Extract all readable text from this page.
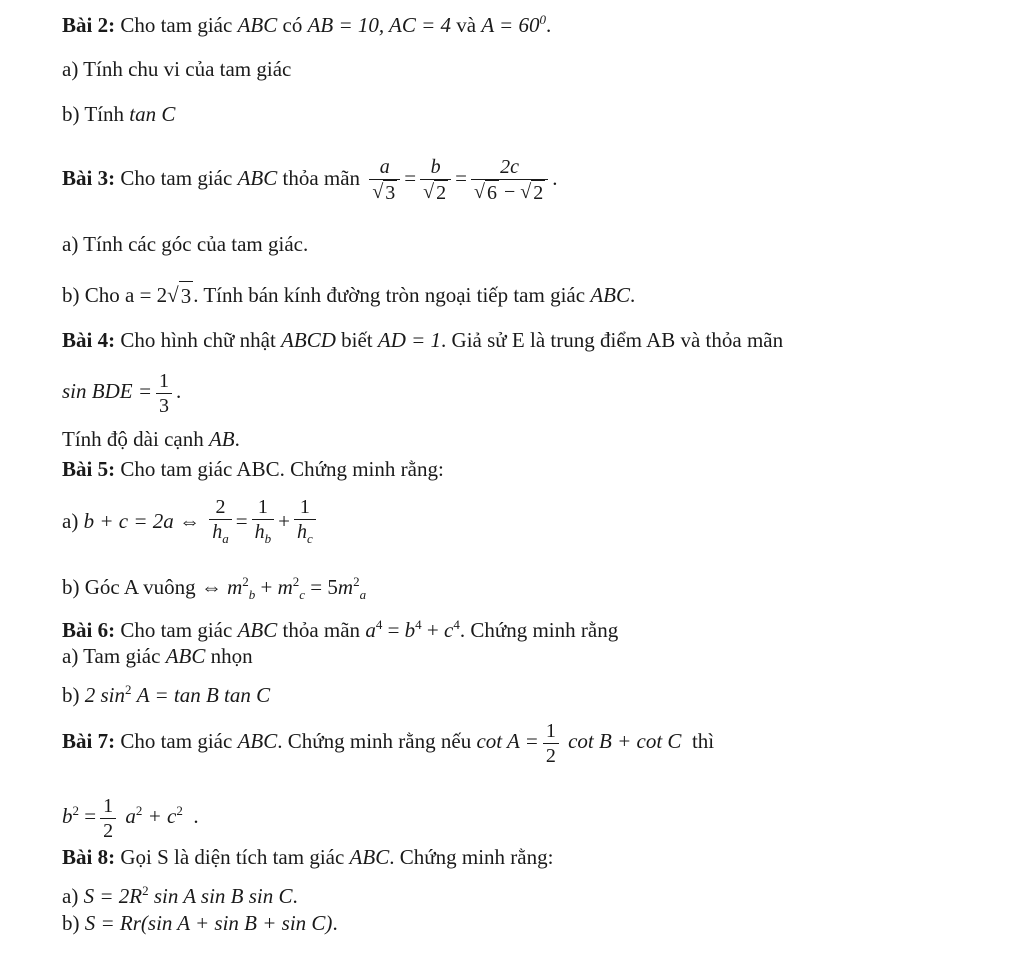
Bài 2: Cho tam giác ABC có AB = 10, AC = 4 và $A = 60^0$.
a) Tính chu vi của tam giác
b) Tính tan C
Bài 3: Cho tam giác ABC thỏa mãn $\frac{a}{√ 3} = \frac{b}{√ 2} = \frac{2c}{√ 6 - √ 2}$ .
a) Tính các góc của tam giác.
b) Cho a = 2 √ 3 . Tính bán kính đường tròn ngoại tiếp tam giác ABC.
Bài 4: Cho hình chữ nhật ABCD biết AD = 1. Giả sử E là trung điểm AB và thỏa mãn
sin BDE = $\frac{1}{3}$ .
Tính độ dài cạnh AB.
Bài 5: Cho tam giác ABC. Chứng minh rằng:
a) b + c = 2a ⇔ $\frac{2}{h_a} = \frac{1}{h_b} + \frac{1}{h_c}$
b) Góc A vuông ⇔ $m^2_b + m^2_c = 5m^2_a$
Bài 6: Cho tam giác ABC thỏa mãn $a^4 = b^4 + c^4$. Chứng minh rằng
a) Tam giác ABC nhọn
b) 2 $\sin^2 A = \tan B$ tan C
Bài 7: Cho tam giác ABC. Chứng minh rằng nếu $\cot A = \frac{1}{2}$ cot B + cot C thì
$b^2 = \frac{1}{2} a^2 + c^2$ .
Bài 8: Gọi S là diện tích tam giác ABC. Chứng minh rằng:
a) $S = 2R^2$ sin A sin B sin C.
b) S = Rr(sin A + sin B + sin C).
